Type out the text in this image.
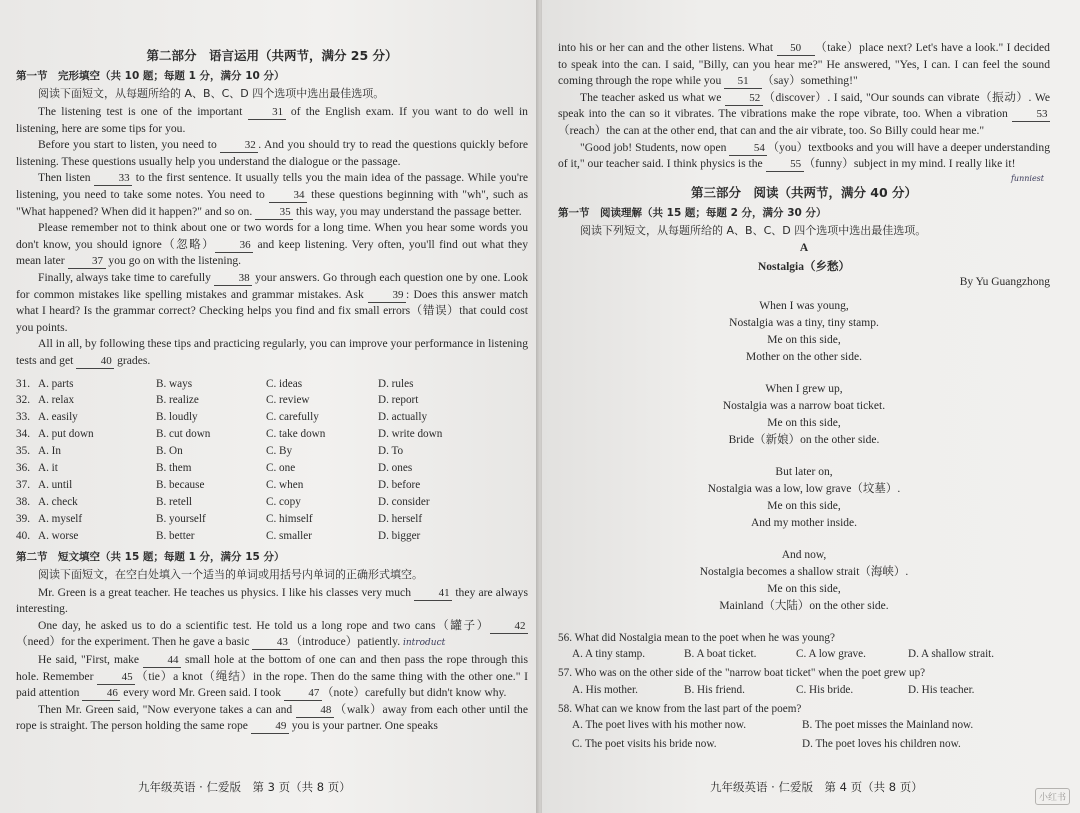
第二部分　语言运用（共两节，满分 25 分）
第一节　完形填空（共 10 题；每题 1 分，满分 10 分）
阅读下面短文，从每题所给的 A、B、C、D 四个选项中选出最佳选项。

The listening test is one of the important 31 of the English exam. If you want to do well in listening, here are some tips for you.

Before you start to listen, you need to 32 . And you should try to read the questions quickly before listening. These questions usually help you understand the dialogue or the passage.

Then listen 33 to the first sentence. It usually tells you the main idea of the passage. While you're listening, you need to take some notes. You need to 34 these questions beginning with "wh", such as "What happened? When did it happen?" and so on. 35 this way, you may understand the passage better.

Please remember not to think about one or two words for a long time. When you hear some words you don't know, you should ignore（忽略） 36 and keep listening. Very often, you'll find out what they mean later 37 you go on with the listening.

Finally, always take time to carefully 38 your answers. Go through each question one by one. Look for common mistakes like spelling mistakes and grammar mistakes. Ask 39 : Does this answer match what I heard? Is the grammar correct? Checking helps you find and fix small errors（错误）that could cost you points.

All in all, by following these tips and practicing regularly, you can improve your performance in listening tests and get 40 grades.

31. A. parts	B. ways	C. ideas	D. rules
32. A. relax	B. realize	C. review	D. report
33. A. easily	B. loudly	C. carefully	D. actually
34. A. put down	B. cut down	C. take down	D. write down
35. A. In	B. On	C. By	D. To
36. A. it	B. them	C. one	D. ones
37. A. until	B. because	C. when	D. before
38. A. check	B. retell	C. copy	D. consider
39. A. myself	B. yourself	C. himself	D. herself
40. A. worse	B. better	C. smaller	D. bigger
第二节　短文填空（共 15 题；每题 1 分，满分 15 分）
阅读下面短文，在空白处填入一个适当的单词或用括号内单词的正确形式填空。

Mr. Green is a great teacher. He teaches us physics. I like his classes very much 41 they are always interesting.

One day, he asked us to do a scientific test. He told us a long rope and two cans（罐子） 42（need）for the experiment. Then he gave a basic 43 （introduce）patiently. introduct

He said, "First, make 44 small hole at the bottom of one can and then pass the rope through this hole. Remember 45 （tie）a knot（绳结）in the rope. Then do the same thing with the other one." I paid attention 46 every word Mr. Green said. I took 47 （note）carefully but didn't know why.

Then Mr. Green said, "Now everyone takes a can and 48 （walk）away from each other until the rope is straight. The person holding the same rope 49 you is your partner. One speaks

九年级英语 · 仁爱版　第 3 页（共 8 页）

into his or her can and the other listens. What 50 （take）place next? Let's have a look." I decided to speak into the can. I said, "Billy, can you hear me?" He answered, "Yes, I can. I can feel the sound coming through the rope while you 51 （say）something!"

The teacher asked us what we 52 （discover）. I said, "Our sounds can vibrate（振动）. We speak into the can so it vibrates. The vibrations make the rope vibrate, too. When a vibration 53（reach）the can at the other end, that can and the air vibrate, too. So Billy could hear me."

"Good job! Students, now open 54 （you）textbooks and you will have a deeper understanding of it," our teacher said. I think physics is the 55 （funny）subject in my mind. I really like it!

funniest
第三部分　阅读（共两节，满分 40 分）
第一节　阅读理解（共 15 题；每题 2 分，满分 30 分）
阅读下列短文，从每题所给的 A、B、C、D 四个选项中选出最佳选项。
A
Nostalgia（乡愁）
By Yu Guangzhong
When I was young,
Nostalgia was a tiny, tiny stamp.
Me on this side,
Mother on the other side.
When I grew up,
Nostalgia was a narrow boat ticket.
Me on this side,
Bride（新娘）on the other side.
But later on,
Nostalgia was a low, low grave（坟墓）.
Me on this side,
And my mother inside.
And now,
Nostalgia becomes a shallow strait（海峡）.
Me on this side,
Mainland（大陆）on the other side.

56. What did Nostalgia mean to the poet when he was young?

A. A tiny stamp.	B. A boat ticket.	C. A low grave.	D. A shallow strait.

57. Who was on the other side of the "narrow boat ticket" when the poet grew up?

A. His mother.	B. His friend.	C. His bride.	D. His teacher.

58. What can we know from the last part of the poem?

A. The poet lives with his mother now.	B. The poet misses the Mainland now.
C. The poet visits his bride now.	D. The poet loves his children now.
九年级英语 · 仁爱版　第 4 页（共 8 页）
小红书
